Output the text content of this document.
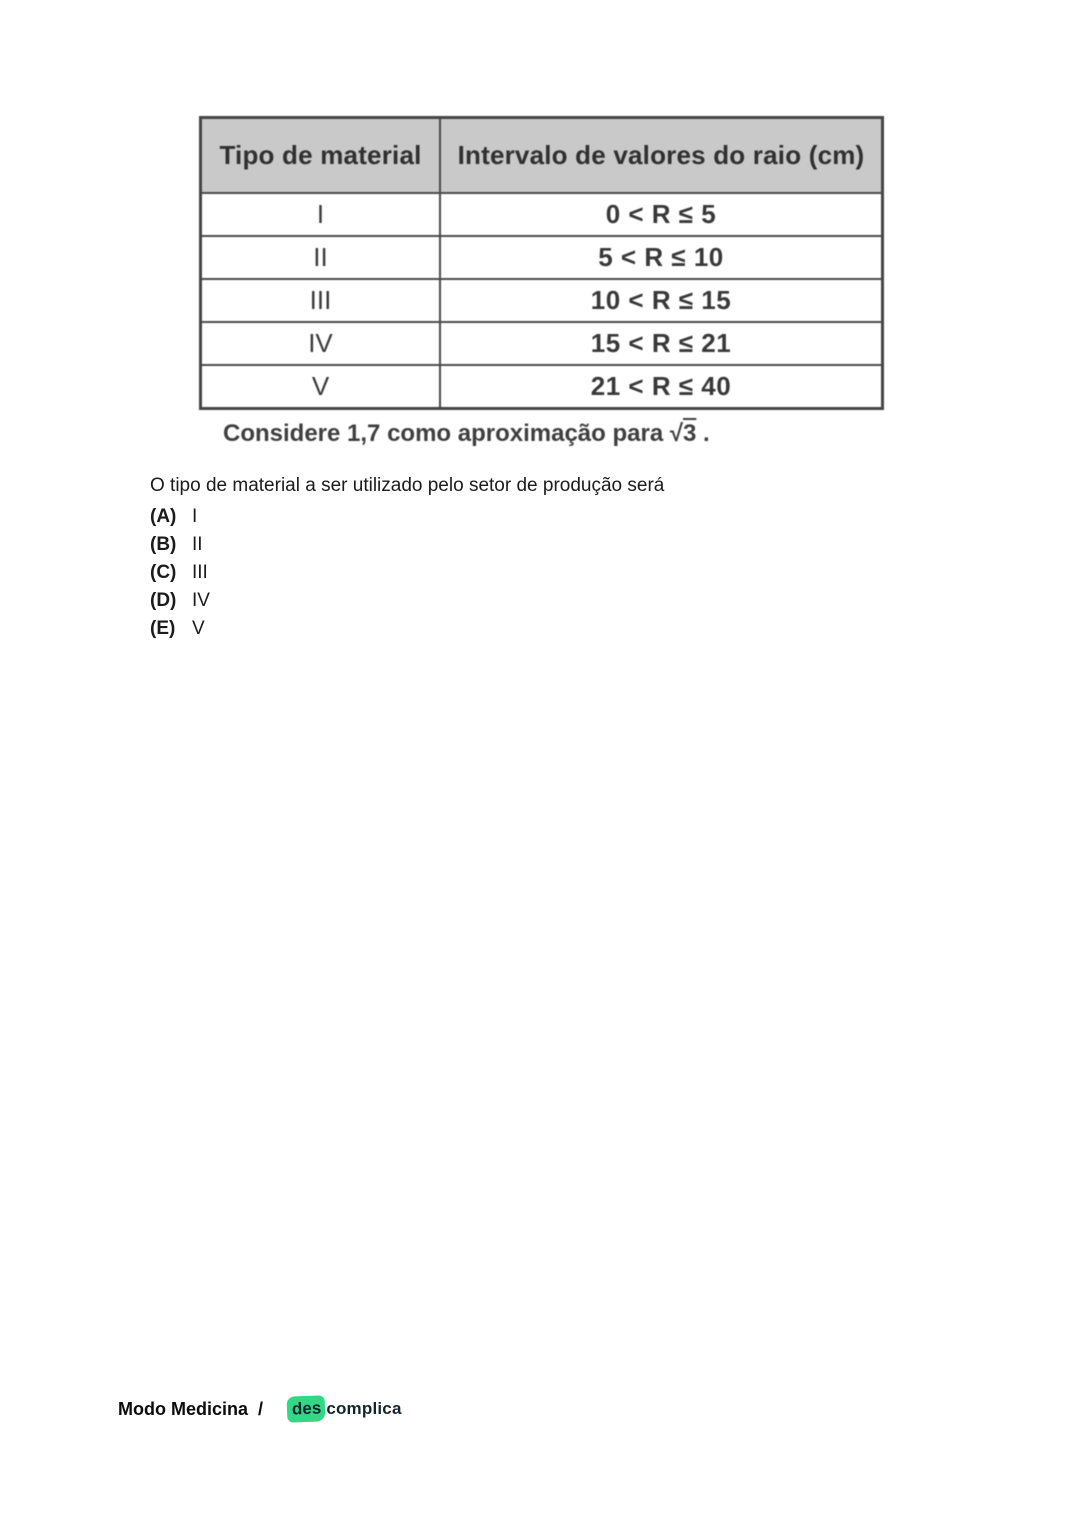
Tipo de material	Intervalo de valores do raio (cm)
I	0 < R ≤ 5
II	5 < R ≤ 10
III	10 < R ≤ 15
IV	15 < R ≤ 21
V	21 < R ≤ 40
Considere 1,7 como aproximação para √3 .

O tipo de material a ser utilizado pelo setor de produção será

(A) I
(B) II
(C) III
(D) IV
(E) V
Modo Medicina /	des complica
